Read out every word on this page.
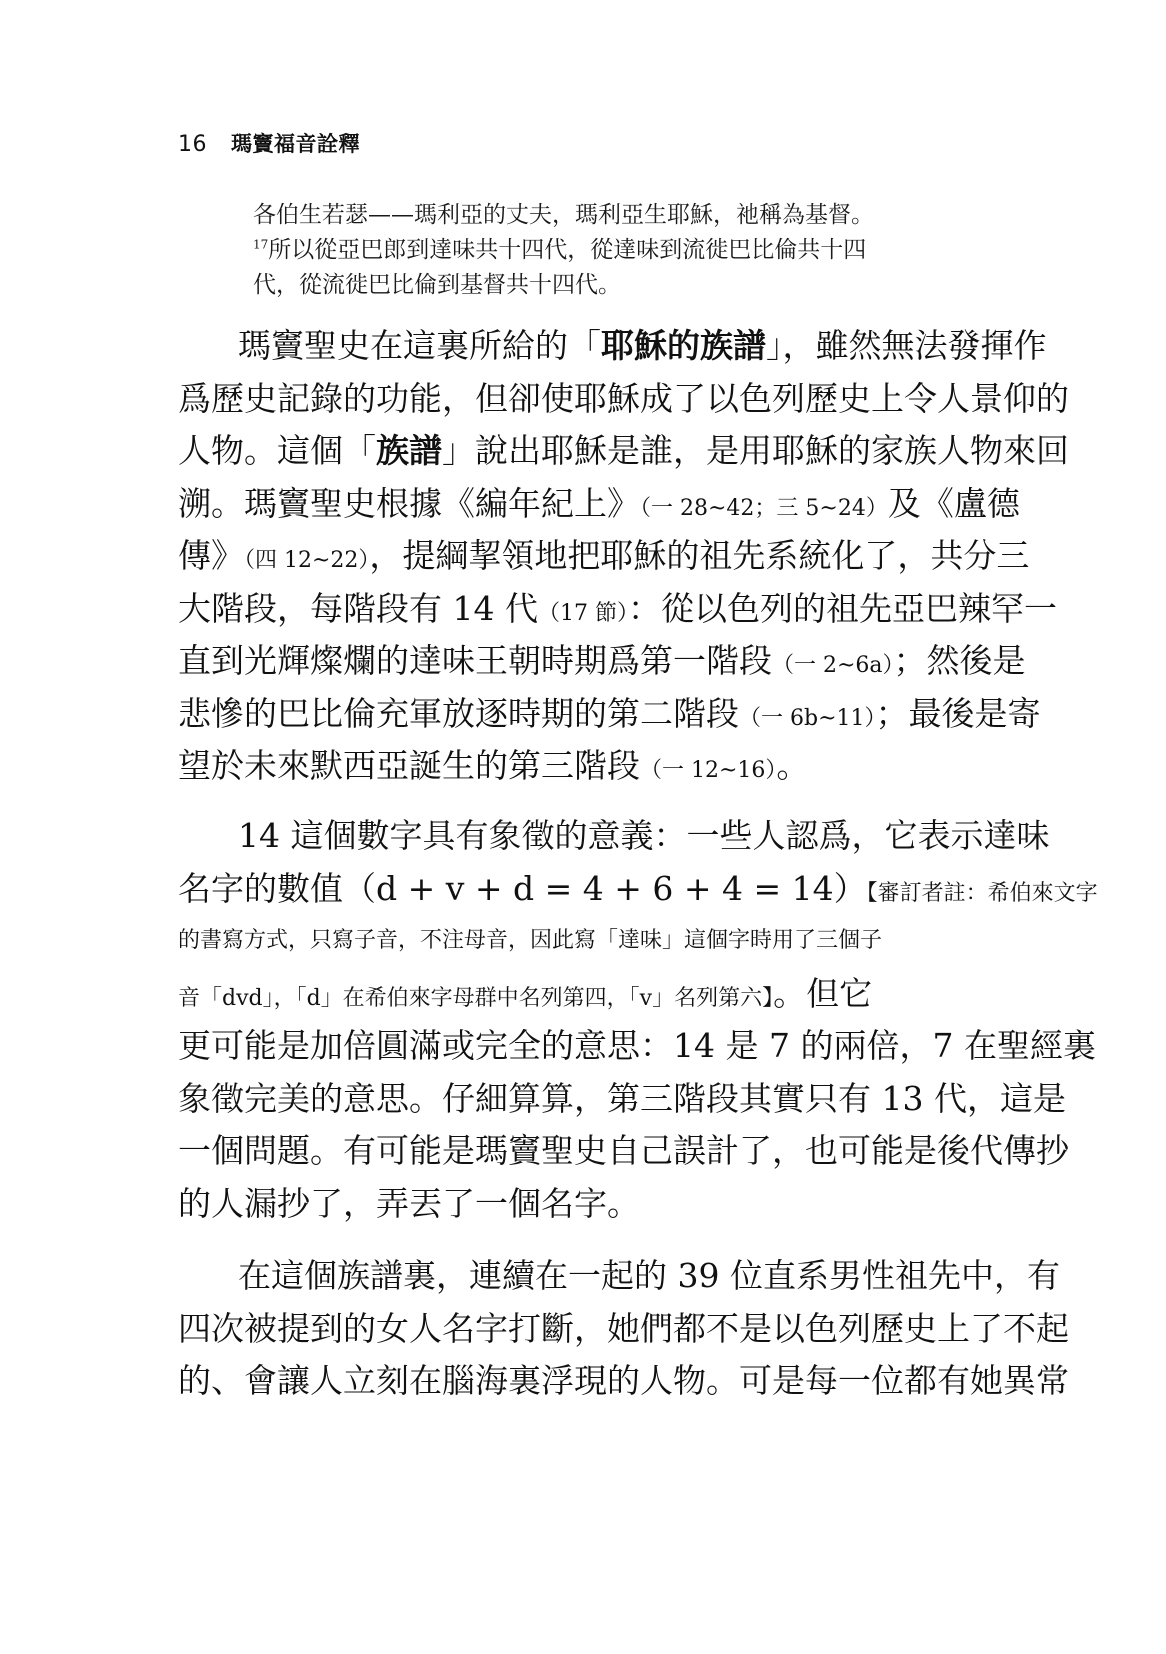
16 瑪竇福音詮釋
各伯生若瑟——瑪利亞的丈夫，瑪利亞生耶穌，祂稱為基督。
$^{17}$所以從亞巴郎到達味共十四代，從達味到流徙巴比倫共十四
代，從流徙巴比倫到基督共十四代。
瑪竇聖史在這裏所給的「耶穌的族譜」，雖然無法發揮作
爲歷史記錄的功能，但卻使耶穌成了以色列歷史上令人景仰的
人物。這個「族譜」說出耶穌是誰，是用耶穌的家族人物來回
溯。瑪竇聖史根據《編年紀上》（一 28~42；三 5~24）及《盧德
傳》（四 12~22），提綱挈領地把耶穌的祖先系統化了，共分三
大階段，每階段有 14 代（17 節）：從以色列的祖先亞巴辣罕一
直到光輝燦爛的達味王朝時期爲第一階段（一 2~6a）；然後是
悲慘的巴比倫充軍放逐時期的第二階段（一 6b~11）；最後是寄
望於未來默西亞誕生的第三階段（一 12~16）。
14 這個數字具有象徵的意義：一些人認爲，它表示達味
名字的數值（d + v + d = 4 + 6 + 4 = 14）【審訂者註：希伯來文字
的書寫方式，只寫子音，不注母音，因此寫「達味」這個字時用了三個子
音「dvd」，「d」在希伯來字母群中名列第四，「v」名列第六】。但它
更可能是加倍圓滿或完全的意思：14 是 7 的兩倍，7 在聖經裏
象徵完美的意思。仔細算算，第三階段其實只有 13 代，這是
一個問題。有可能是瑪竇聖史自己誤計了，也可能是後代傳抄
的人漏抄了，弄丟了一個名字。
在這個族譜裏，連續在一起的 39 位直系男性祖先中，有
四次被提到的女人名字打斷，她們都不是以色列歷史上了不起
的、會讓人立刻在腦海裏浮現的人物。可是每一位都有她異常
